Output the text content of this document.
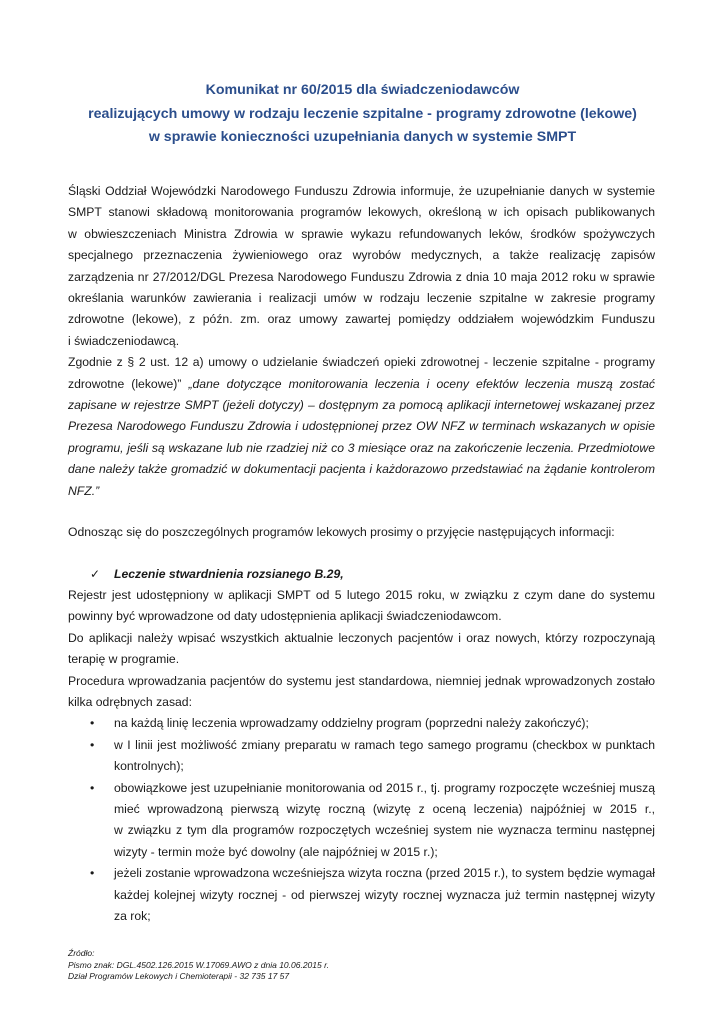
Komunikat nr 60/2015 dla świadczeniodawców
realizujących umowy w rodzaju leczenie szpitalne - programy zdrowotne (lekowe)
w sprawie konieczności uzupełniania danych w systemie SMPT
Śląski Oddział Wojewódzki Narodowego Funduszu Zdrowia informuje, że uzupełnianie danych w systemie
SMPT stanowi składową monitorowania programów lekowych, określoną w ich opisach publikowanych
w obwieszczeniach Ministra Zdrowia w sprawie wykazu refundowanych leków, środków spożywczych
specjalnego przeznaczenia żywieniowego oraz wyrobów medycznych, a także realizację zapisów
zarządzenia nr 27/2012/DGL Prezesa Narodowego Funduszu Zdrowia z dnia 10 maja 2012 roku w sprawie
określania warunków zawierania i realizacji umów w rodzaju leczenie szpitalne w zakresie programy
zdrowotne (lekowe), z późn. zm. oraz umowy zawartej pomiędzy oddziałem wojewódzkim Funduszu
i świadczeniodawcą.
Zgodnie z § 2 ust. 12 a) umowy o udzielanie świadczeń opieki zdrowotnej - leczenie szpitalne - programy
zdrowotne (lekowe)” „dane dotyczące monitorowania leczenia i oceny efektów leczenia muszą zostać
zapisane w rejestrze SMPT (jeżeli dotyczy) – dostępnym za pomocą aplikacji internetowej wskazanej przez
Prezesa Narodowego Funduszu Zdrowia i udostępnionej przez OW NFZ w terminach wskazanych w opisie
programu, jeśli są wskazane lub nie rzadziej niż co 3 miesiące oraz na zakończenie leczenia. Przedmiotowe
dane należy także gromadzić w dokumentacji pacjenta i każdorazowo przedstawiać na żądanie kontrolerom
NFZ.”
Odnosząc się do poszczególnych programów lekowych prosimy o przyjęcie następujących informacji:
✓ Leczenie stwardnienia rozsianego B.29,
Rejestr jest udostępniony w aplikacji SMPT od 5 lutego 2015 roku, w związku z czym dane do systemu
powinny być wprowadzone od daty udostępnienia aplikacji świadczeniodawcom.
Do aplikacji należy wpisać wszystkich aktualnie leczonych pacjentów i oraz nowych, którzy rozpoczynają
terapię w programie.
Procedura wprowadzania pacjentów do systemu jest standardowa, niemniej jednak wprowadzonych zostało
kilka odrębnych zasad:
• na każdą linię leczenia wprowadzamy oddzielny program (poprzedni należy zakończyć);
• w I linii jest możliwość zmiany preparatu w ramach tego samego programu (checkbox w punktach
kontrolnych);
• obowiązkowe jest uzupełnianie monitorowania od 2015 r., tj. programy rozpoczęte wcześniej muszą
mieć wprowadzoną pierwszą wizytę roczną (wizytę z oceną leczenia) najpóźniej w 2015 r.,
w związku z tym dla programów rozpoczętych wcześniej system nie wyznacza terminu następnej
wizyty - termin może być dowolny (ale najpóźniej w 2015 r.);
• jeżeli zostanie wprowadzona wcześniejsza wizyta roczna (przed 2015 r.), to system będzie wymagał
każdej kolejnej wizyty rocznej - od pierwszej wizyty rocznej wyznacza już termin następnej wizyty
za rok;
Źródło:
Pismo znak: DGL.4502.126.2015 W.17069.AWO z dnia 10.06.2015 r.
Dział Programów Lekowych i Chemioterapii - 32 735 17 57
